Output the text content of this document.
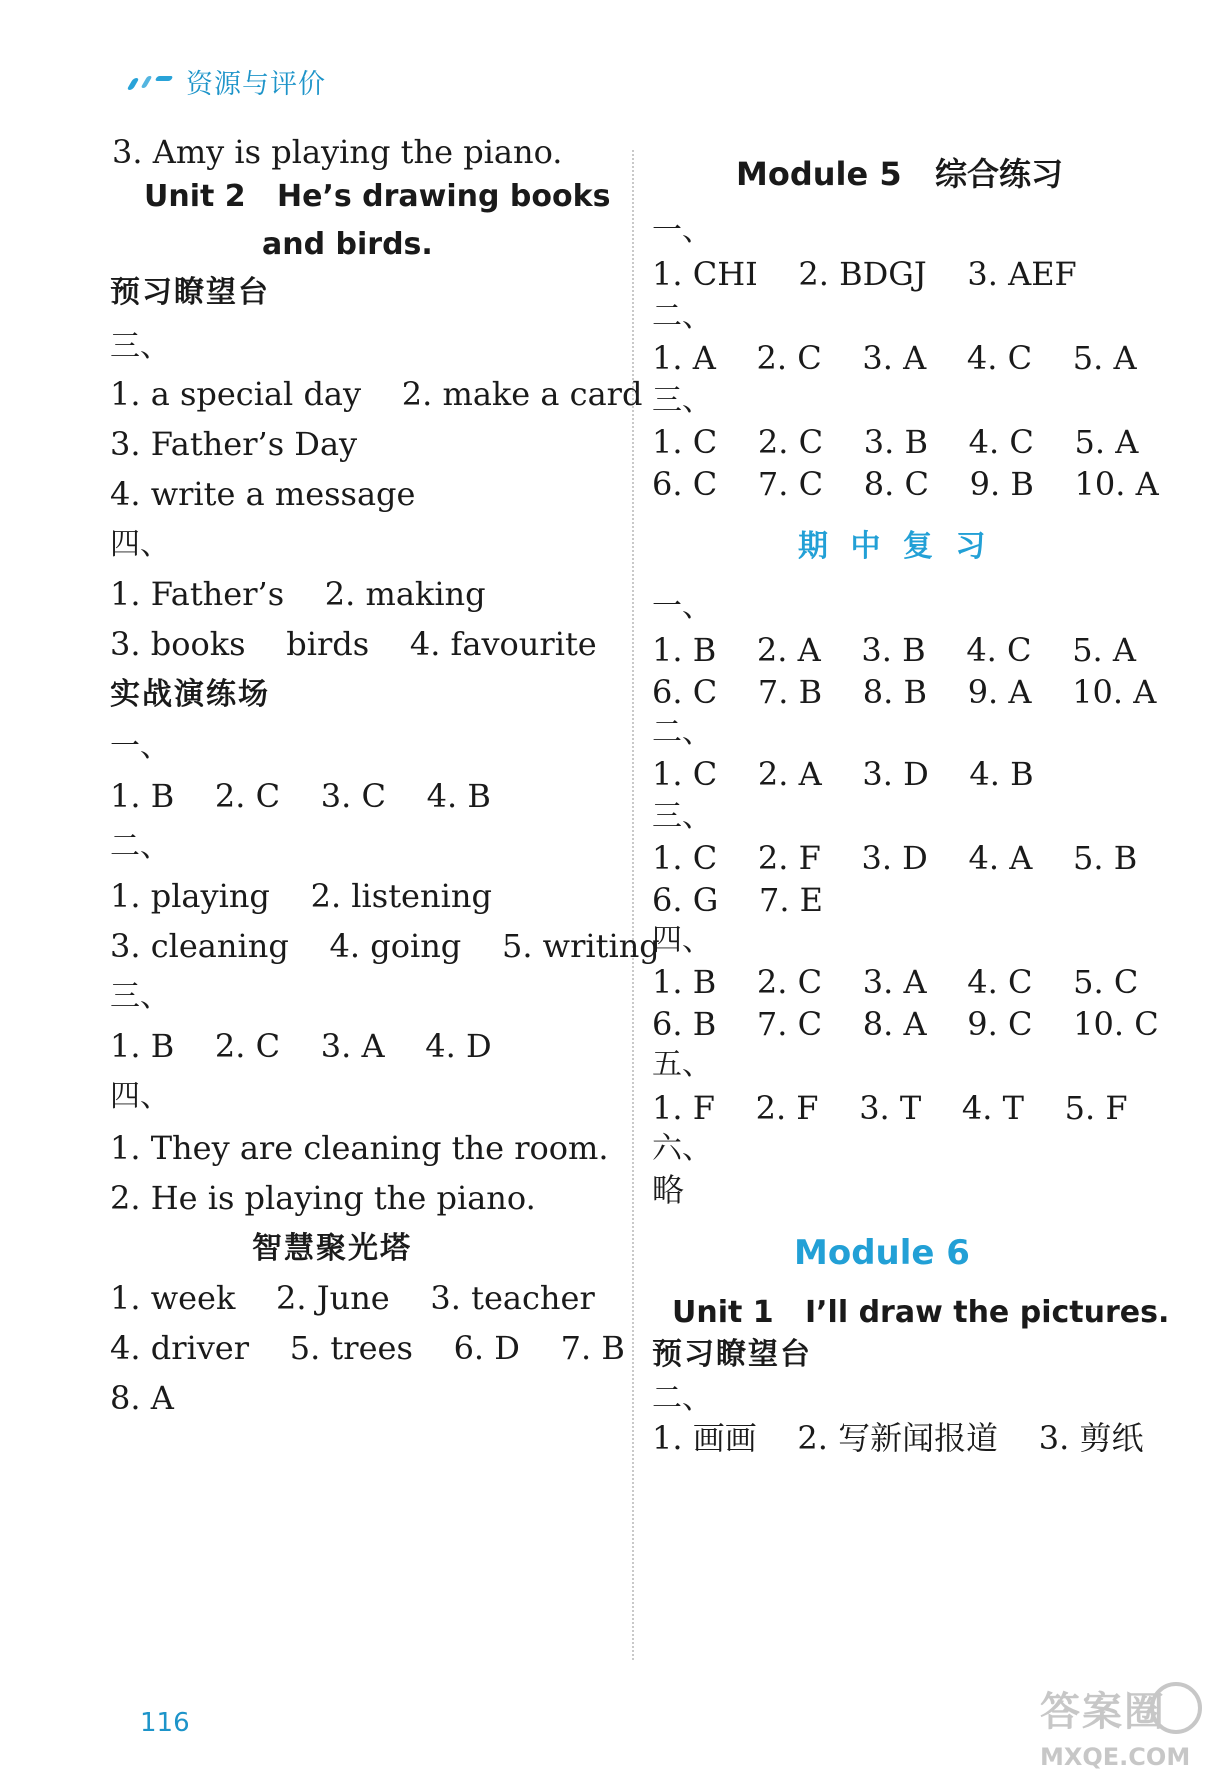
资源与评价
3. Amy is playing the piano.
Unit 2   He’s drawing books
and birds.
预习瞭望台
三、
1. a special day    2. make a card
3. Father’s Day
4. write a message
四、
1. Father’s    2. making
3. books    birds    4. favourite
实战演练场
一、
1. B    2. C    3. C    4. B
二、
1. playing    2. listening
3. cleaning    4. going    5. writing
三、
1. B    2. C    3. A    4. D
四、
1. They are cleaning the room.
2. He is playing the piano.
智慧聚光塔
1. week    2. June    3. teacher
4. driver    5. trees    6. D    7. B
8. A
Module 5   综合练习
一、
1. CHI    2. BDGJ    3. AEF
二、
1. A    2. C    3. A    4. C    5. A
三、
1. C    2. C    3. B    4. C    5. A
6. C    7. C    8. C    9. B    10. A
期 中 复 习
一、
1. B    2. A    3. B    4. C    5. A
6. C    7. B    8. B    9. A    10. A
二、
1. C    2. A    3. D    4. B
三、
1. C    2. F    3. D    4. A    5. B
6. G    7. E
四、
1. B    2. C    3. A    4. C    5. C
6. B    7. C    8. A    9. C    10. C
五、
1. F    2. F    3. T    4. T    5. F
六、
略
Module 6
Unit 1   I’ll draw the pictures.
预习瞭望台
二、
1. 画画    2. 写新闻报道    3. 剪纸
116	答案圈
MXQE.COM
